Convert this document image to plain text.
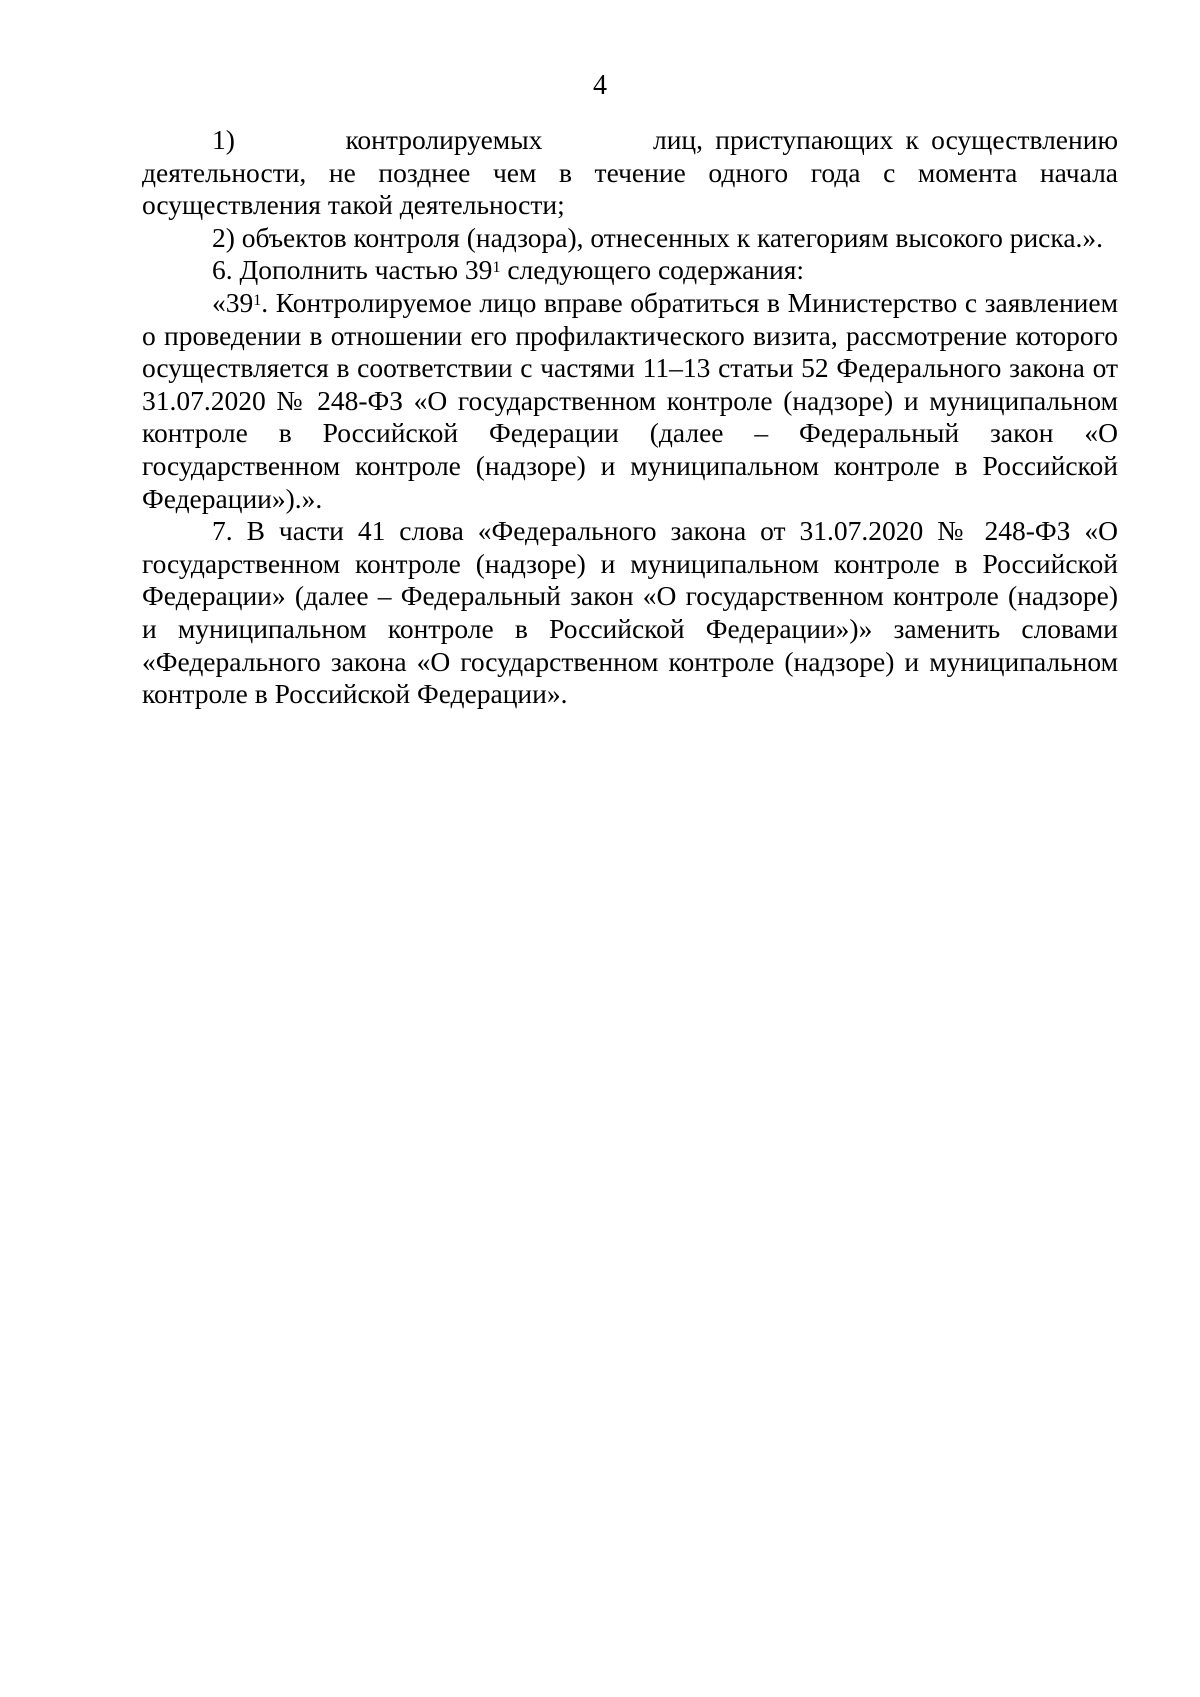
4

1)         контролируемых         лиц, приступающих к осуществлению деятельности, не позднее чем в течение одного года с момента начала осуществления такой деятельности;

2) объектов контроля (надзора), отнесенных к категориям высокого риска.».

6. Дополнить частью $39^1$ следующего содержания:

«$39^1$. Контролируемое лицо вправе обратиться в Министерство с заявлением о проведении в отношении его профилактического визита, рассмотрение которого осуществляется в соответствии с частями 11–13 статьи 52 Федерального закона от 31.07.2020 № 248-ФЗ «О государственном контроле (надзоре) и муниципальном контроле в Российской Федерации (далее – Федеральный закон «О государственном контроле (надзоре) и муниципальном контроле в Российской Федерации»).».

7. В части 41 слова «Федерального закона от 31.07.2020 № 248-ФЗ «О государственном контроле (надзоре) и муниципальном контроле в Российской Федерации» (далее – Федеральный закон «О государственном контроле (надзоре) и муниципальном контроле в Российской Федерации»)» заменить словами «Федерального закона «О государственном контроле (надзоре) и муниципальном контроле в Российской Федерации».
